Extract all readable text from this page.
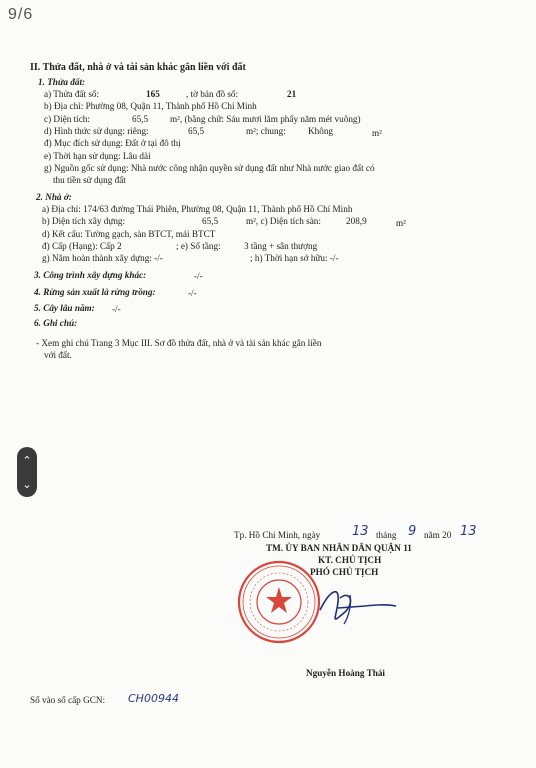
9/6
II. Thửa đất, nhà ở và tài sản khác gắn liền với đất
1. Thửa đất:
a) Thửa đất số:	165	, tờ bản đồ số:	21
b) Địa chỉ: Phường 08, Quận 11, Thành phố Hồ Chí Minh
c) Diện tích:	65,5 m², (bằng chữ: Sáu mươi lăm phẩy năm mét vuông)
d) Hình thức sử dụng: riêng:	65,5	m²; chung: Không	m²
đ) Mục đích sử dụng: Đất ở tại đô thị
e) Thời hạn sử dụng: Lâu dài
g) Nguồn gốc sử dụng: Nhà nước công nhận quyền sử dụng đất như Nhà nước giao đất có
thu tiền sử dụng đất
2. Nhà ở:
a) Địa chỉ: 174/63 đường Thái Phiên, Phường 08, Quận 11, Thành phố Hồ Chí Minh
b) Diện tích xây dựng:	65,5	m², c) Diện tích sàn:	208,9	m²
d) Kết cấu: Tường gạch, sàn BTCT, mái BTCT
đ) Cấp (Hạng): Cấp 2	; e) Số tầng:	3 tầng + sân thượng
g) Năm hoàn thành xây dựng: -/-	; h) Thời hạn sở hữu: -/-
3. Công trình xây dựng khác:	-/-
4. Rừng sản xuất là rừng trồng:	-/-
5. Cây lâu năm: -/-
6. Ghi chú:
- Xem ghi chú Trang 3 Mục III. Sơ đồ thửa đất, nhà ở và tài sản khác gắn liền
với đất.
⌃
⌄
Tp. Hồ Chí Minh, ngày 13 tháng 9 năm 20 13
TM. ỦY BAN NHÂN DÂN QUẬN 11
KT. CHỦ TỊCH
PHÓ CHỦ TỊCH
Nguyễn Hoàng Thái
Số vào sổ cấp GCN: CH00944
